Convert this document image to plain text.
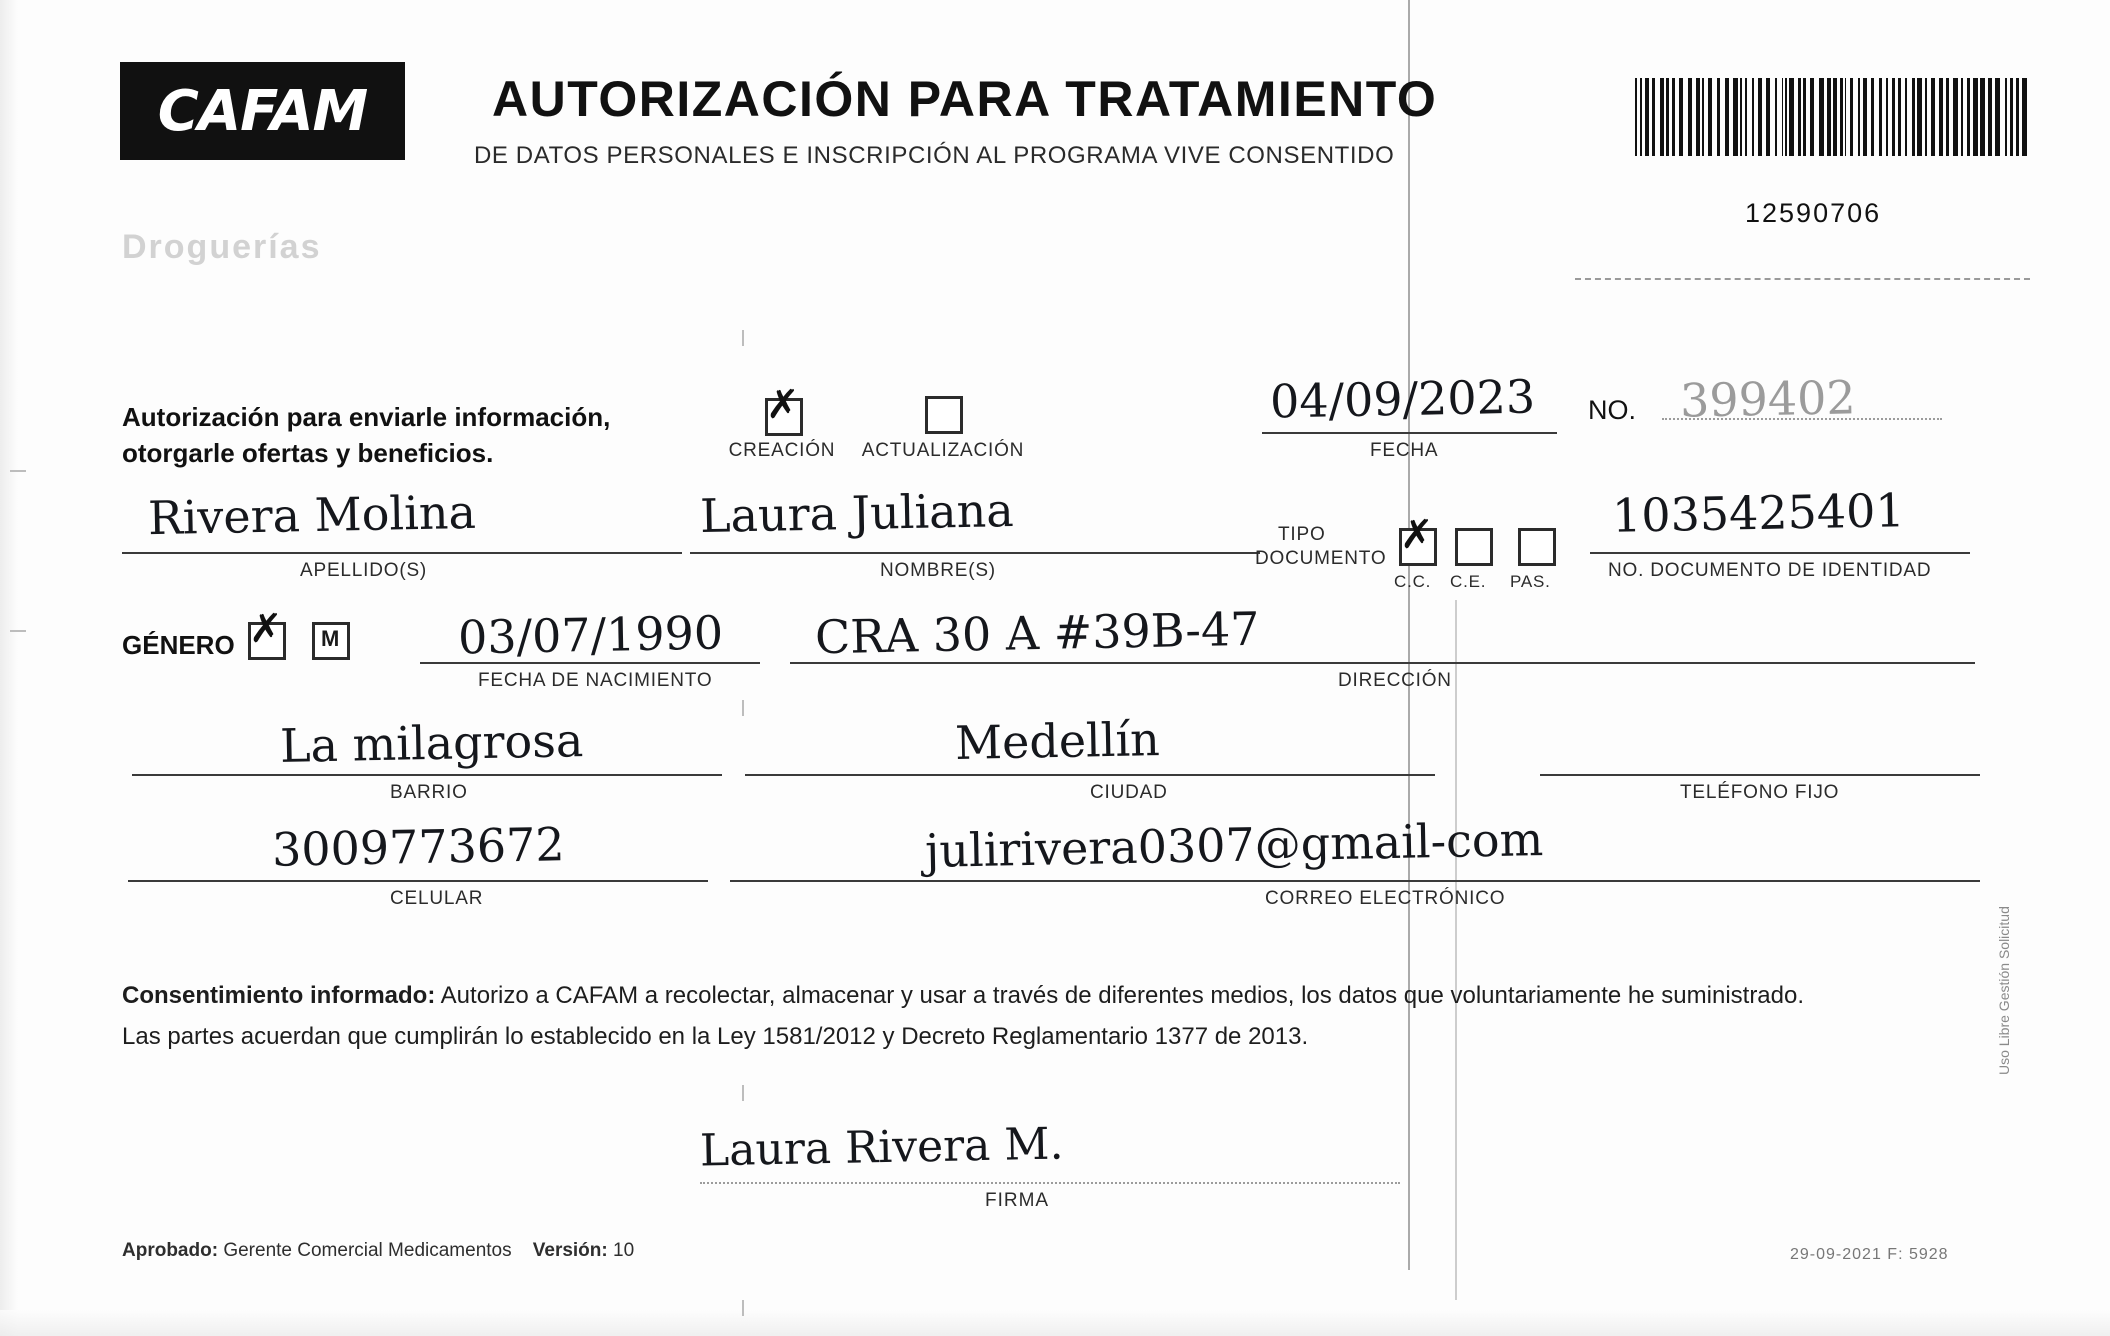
CAFAM
Droguerías
AUTORIZACIÓN PARA TRATAMIENTO
DE DATOS PERSONALES E INSCRIPCIÓN AL PROGRAMA VIVE CONSENTIDO
12590706
Autorización para enviarle información,
otorgarle ofertas y beneficios.
✗
CREACIÓN	ACTUALIZACIÓN
04/09/2023
FECHA
NO. 399402
Rivera Molina
APELLIDO(S)
Laura Juliana
NOMBRE(S)
TIPO
DOCUMENTO
✗
C.C. C.E. PAS.
1035425401
NO. DOCUMENTO DE IDENTIDAD
GÉNERO ✗ M	03/07/1990
FECHA DE NACIMIENTO
CRA 30 A #39B-47
DIRECCIÓN
La milagrosa
BARRIO
Medellín
CIUDAD	TELÉFONO FIJO
3009773672
CELULAR
julirivera0307@gmail-com
CORREO ELECTRÓNICO
Consentimiento informado: Autorizo a CAFAM a recolectar, almacenar y usar a través de diferentes medios, los datos que voluntariamente he suministrado.
Las partes acuerdan que cumplirán lo establecido en la Ley 1581/2012 y Decreto Reglamentario 1377 de 2013.
Laura Rivera M.
FIRMA
Aprobado: Gerente Comercial Medicamentos Versión: 10	29-09-2021 F: 5928
Uso Libre Gestión Solicitud
